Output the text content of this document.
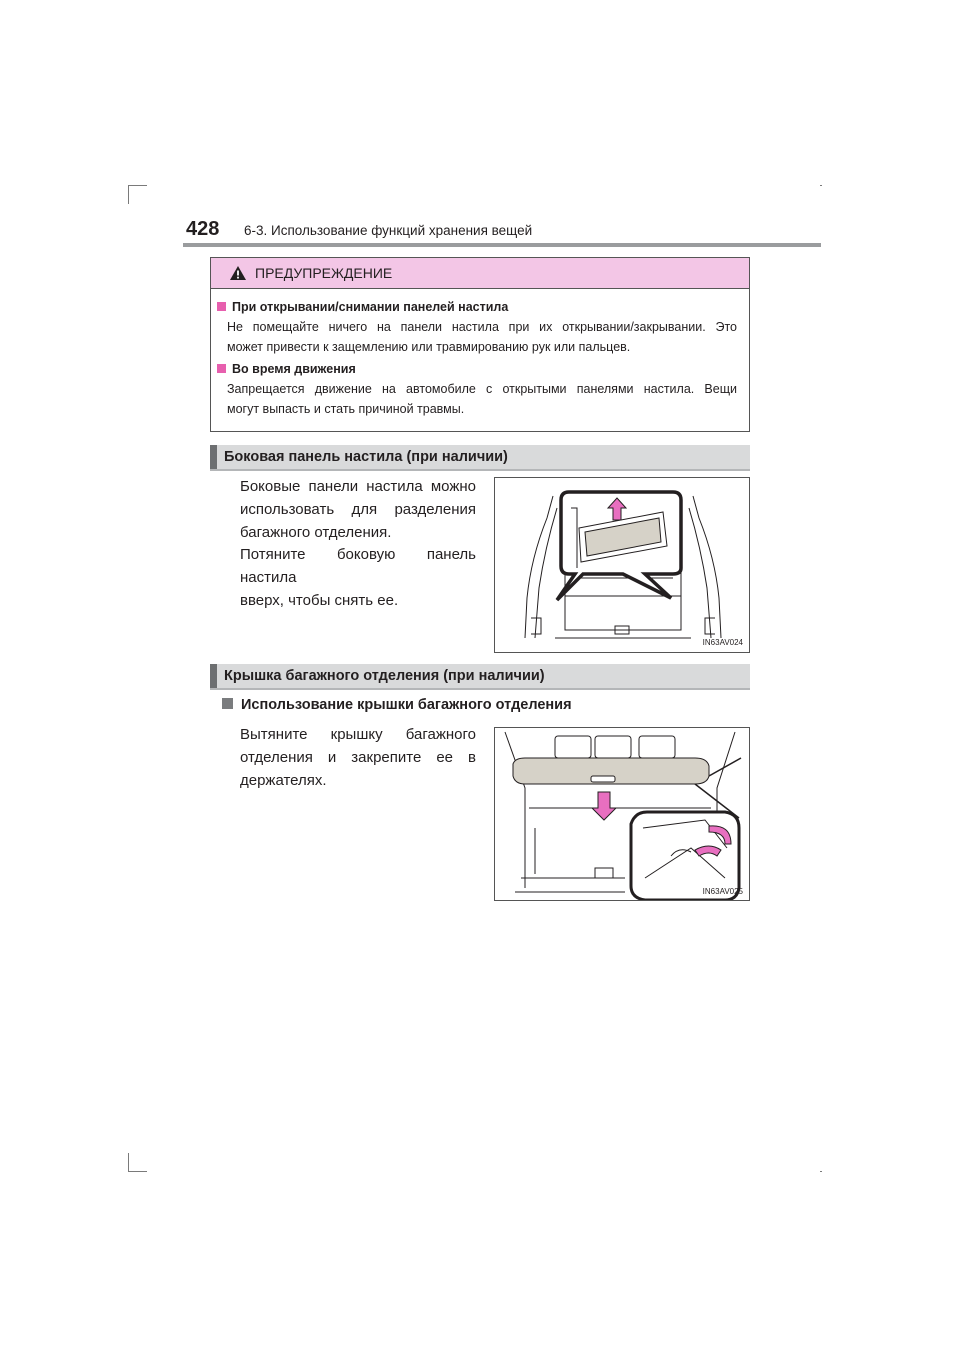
428 6-3. Использование функций хранения вещей
ПРЕДУПРЕЖДЕНИЕ
При открывании/снимании панелей настила
Не помещайте ничего на панели настила при их открывании/закрывании. Это
может привести к защемлению или травмированию рук или пальцев.
Во время движения
Запрещается движение на автомобиле с открытыми панелями настила. Вещи
могут выпасть и стать причиной травмы.
Боковая панель настила (при наличии)
Боковые панели настила можно
использовать для разделения
багажного отделения.
Потяните боковую панель настила
вверх, чтобы снять ее.
IN63AV024
Крышка багажного отделения (при наличии)
Использование крышки багажного отделения
Вытяните крышку багажного
отделения и закрепите ее в
держателях.
IN63AV025
